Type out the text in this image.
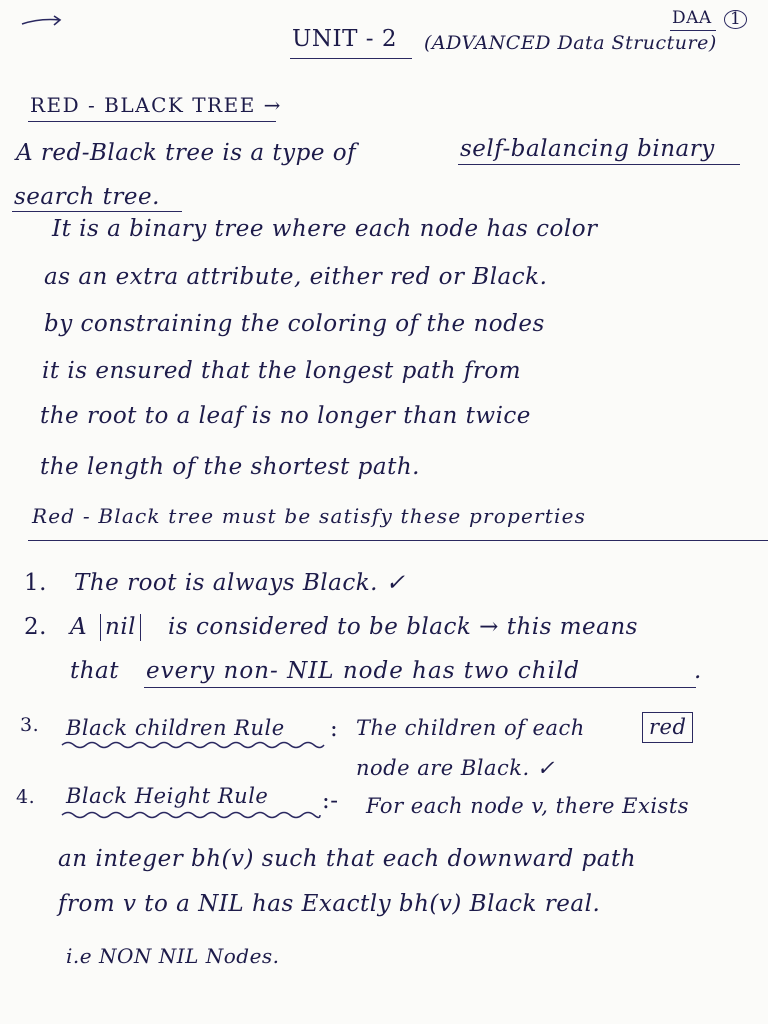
DAA	1
UNIT - 2 (ADVANCED Data Structure)
RED - BLACK TREE →
A red-Black tree is a type of	self-balancing binary
search tree.
It is a binary tree where each node has color
as an extra attribute, either red or Black.
by constraining the coloring of the nodes
it is ensured that the longest path from
the root to a leaf is no longer than twice
the length of the shortest path.
Red - Black tree must be satisfy these properties
1. The root is always Black. ✓
2. A nil is considered to be black → this means
that every non- NIL node has two child	.
3. Black children Rule : The children of each	red
node are Black. ✓
4. Black Height Rule :- For each node v, there Exists
an integer bh(v) such that each downward path
from v to a NIL has Exactly bh(v) Black real.
i.e NON NIL Nodes.
